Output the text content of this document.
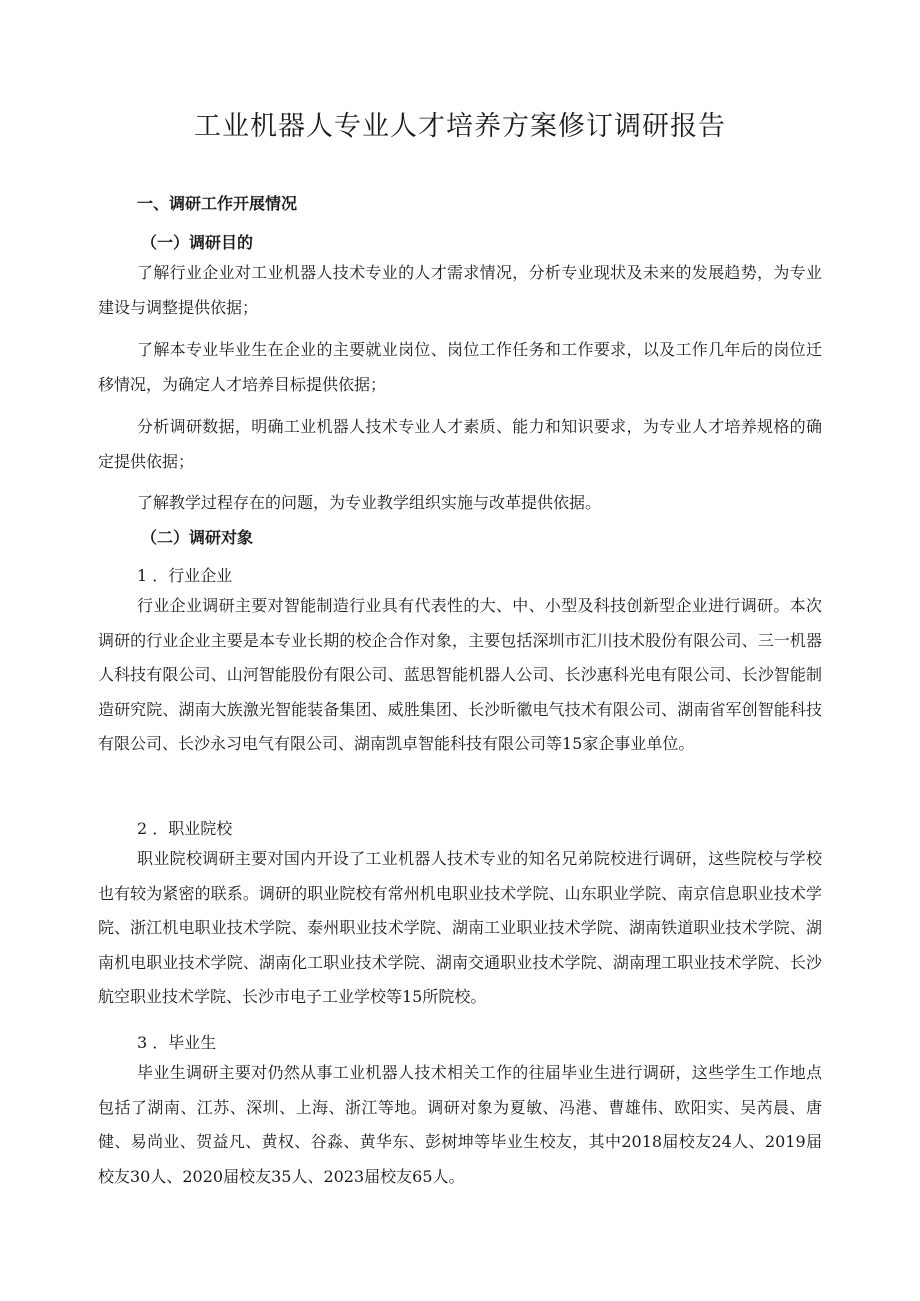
工业机器人专业人才培养方案修订调研报告
一、调研工作开展情况
（一）调研目的
了解行业企业对工业机器人技术专业的人才需求情况，分析专业现状及未来的发展趋势，为专业建设与调整提供依据；
了解本专业毕业生在企业的主要就业岗位、岗位工作任务和工作要求，以及工作几年后的岗位迁移情况，为确定人才培养目标提供依据；
分析调研数据，明确工业机器人技术专业人才素质、能力和知识要求，为专业人才培养规格的确定提供依据；
了解教学过程存在的问题，为专业教学组织实施与改革提供依据。
（二）调研对象
1 ．行业企业
行业企业调研主要对智能制造行业具有代表性的大、中、小型及科技创新型企业进行调研。本次调研的行业企业主要是本专业长期的校企合作对象，主要包括深圳市汇川技术股份有限公司、三一机器人科技有限公司、山河智能股份有限公司、蓝思智能机器人公司、长沙惠科光电有限公司、长沙智能制造研究院、湖南大族激光智能装备集团、威胜集团、长沙昕徽电气技术有限公司、湖南省军创智能科技有限公司、长沙永习电气有限公司、湖南凯卓智能科技有限公司等15家企事业单位。
2 ．职业院校
职业院校调研主要对国内开设了工业机器人技术专业的知名兄弟院校进行调研，这些院校与学校也有较为紧密的联系。调研的职业院校有常州机电职业技术学院、山东职业学院、南京信息职业技术学院、浙江机电职业技术学院、泰州职业技术学院、湖南工业职业技术学院、湖南铁道职业技术学院、湖南机电职业技术学院、湖南化工职业技术学院、湖南交通职业技术学院、湖南理工职业技术学院、长沙航空职业技术学院、长沙市电子工业学校等15所院校。
3 ．毕业生
毕业生调研主要对仍然从事工业机器人技术相关工作的往届毕业生进行调研，这些学生工作地点包括了湖南、江苏、深圳、上海、浙江等地。调研对象为夏敏、冯港、曹雄伟、欧阳实、吴芮晨、唐健、易尚业、贺益凡、黄权、谷淼、黄华东、彭树坤等毕业生校友，其中2018届校友24人、2019届校友30人、2020届校友35人、2023届校友65人。
